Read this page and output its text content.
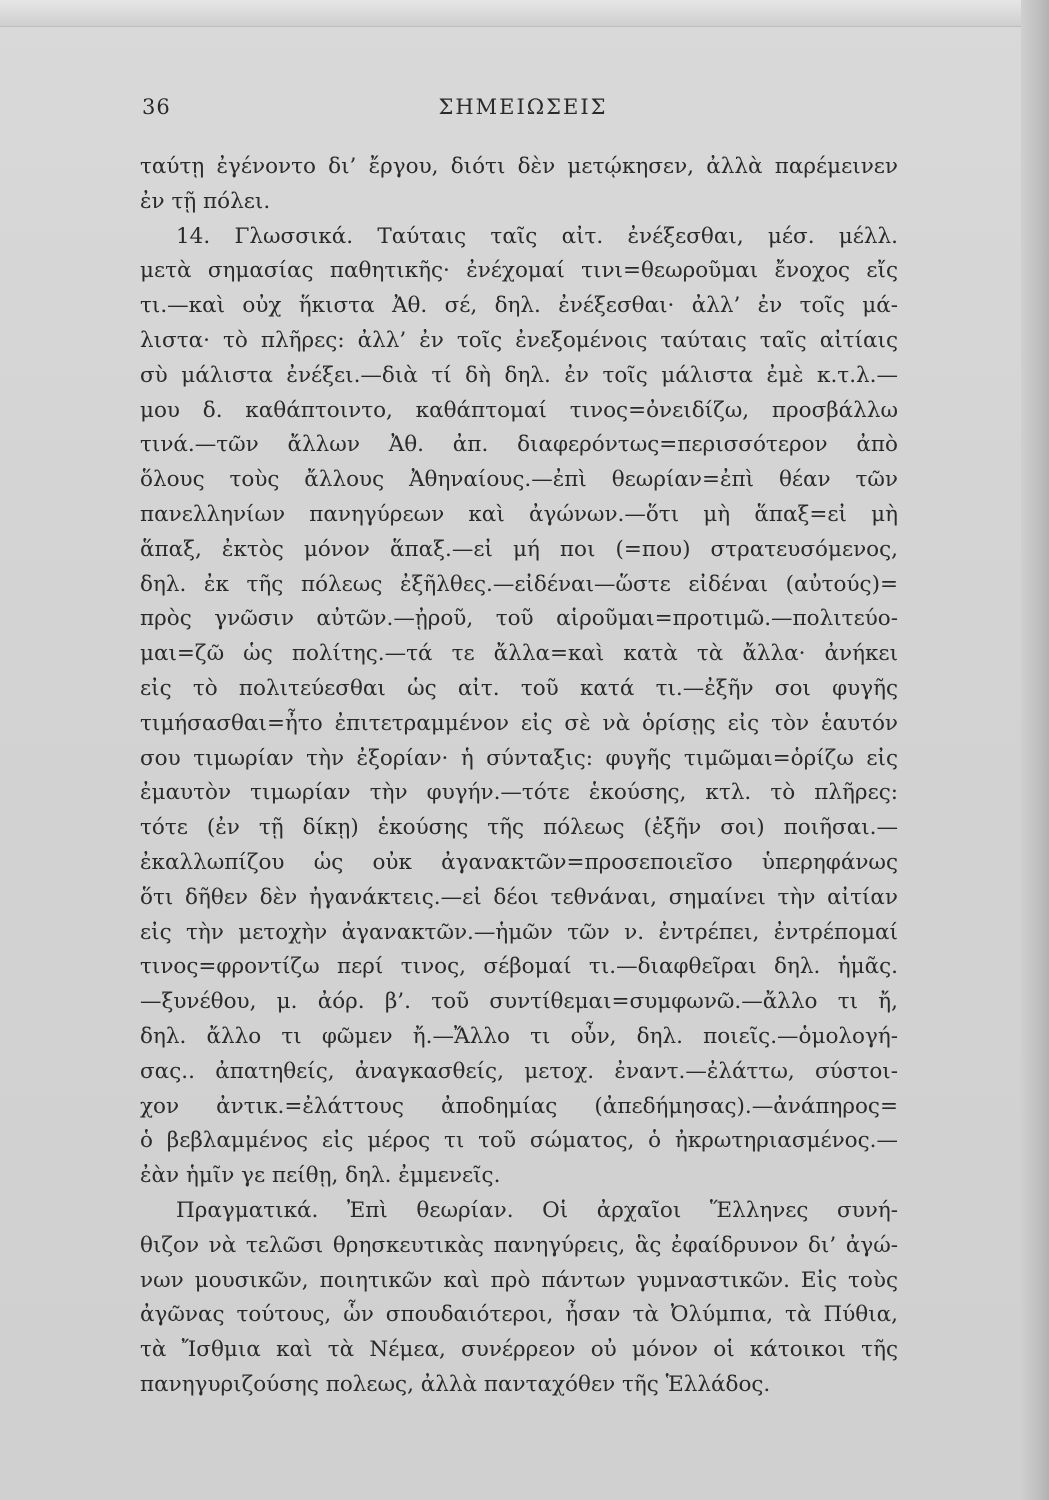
36	ΣΗΜΕΙΩΣΕΙΣ
ταύτῃ ἐγένοντο δι’ ἔργου, διότι δὲν μετῴκησεν, ἀλλὰ παρέμεινεν
ἐν τῇ πόλει.
14. Γλωσσικά. Ταύταις ταῖς αἰτ. ἐνέξεσθαι, μέσ. μέλλ.
μετὰ σημασίας παθητικῆς· ἐνέχομαί τινι=θεωροῦμαι ἔνοχος εἴς
τι.—καὶ οὐχ ἥκιστα Ἀθ. σέ, δηλ. ἐνέξεσθαι· ἀλλ’ ἐν τοῖς μά-
λιστα· τὸ πλῆρες: ἀλλ’ ἐν τοῖς ἐνεξομένοις ταύταις ταῖς αἰτίαις
σὺ μάλιστα ἐνέξει.—διὰ τί δὴ δηλ. ἐν τοῖς μάλιστα ἐμὲ κ.τ.λ.—
μου δ. καθάπτοιντο, καθάπτομαί τινος=ὀνειδίζω, προσβάλλω
τινά.—τῶν ἄλλων Ἀθ. ἀπ. διαφερόντως=περισσότερον ἀπὸ
ὅλους τοὺς ἄλλους Ἀθηναίους.—ἐπὶ θεωρίαν=ἐπὶ θέαν τῶν
πανελληνίων πανηγύρεων καὶ ἀγώνων.—ὅτι μὴ ἅπαξ=εἰ μὴ
ἅπαξ, ἐκτὸς μόνον ἅπαξ.—εἰ μή ποι (=που) στρατευσόμενος,
δηλ. ἐκ τῆς πόλεως ἐξῆλθες.—εἰδέναι—ὥστε εἰδέναι (αὐτούς)=
πρὸς γνῶσιν αὐτῶν.—ᾐροῦ, τοῦ αἱροῦμαι=προτιμῶ.—πολιτεύο-
μαι=ζῶ ὡς πολίτης.—τά τε ἄλλα=καὶ κατὰ τὰ ἄλλα· ἀνήκει
εἰς τὸ πολιτεύεσθαι ὡς αἰτ. τοῦ κατά τι.—ἐξῆν σοι φυγῆς
τιμήσασθαι=ἦτο ἐπιτετραμμένον εἰς σὲ νὰ ὁρίσῃς εἰς τὸν ἑαυτόν
σου τιμωρίαν τὴν ἐξορίαν· ἡ σύνταξις: φυγῆς τιμῶμαι=ὁρίζω εἰς
ἐμαυτὸν τιμωρίαν τὴν φυγήν.—τότε ἑκούσης, κτλ. τὸ πλῆρες:
τότε (ἐν τῇ δίκῃ) ἑκούσης τῆς πόλεως (ἐξῆν σοι) ποιῆσαι.—
ἐκαλλωπίζου ὡς οὐκ ἀγανακτῶν=προσεποιεῖσο ὑπερηφάνως
ὅτι δῆθεν δὲν ἠγανάκτεις.—εἰ δέοι τεθνάναι, σημαίνει τὴν αἰτίαν
εἰς τὴν μετοχὴν ἀγανακτῶν.—ἡμῶν τῶν ν. ἐντρέπει, ἐντρέπομαί
τινος=φροντίζω περί τινος, σέβομαί τι.—διαφθεῖραι δηλ. ἡμᾶς.
—ξυνέθου, μ. ἀόρ. β’. τοῦ συντίθεμαι=συμφωνῶ.—ἄλλο τι ἤ,
δηλ. ἄλλο τι φῶμεν ἤ.—Ἄλλο τι οὖν, δηλ. ποιεῖς.—ὁμολογή-
σας.. ἀπατηθείς, ἀναγκασθείς, μετοχ. ἐναντ.—ἐλάττω, σύστοι-
χον ἀντικ.=ἐλάττους ἀποδημίας (ἀπεδήμησας).—ἀνάπηρος=
ὁ βεβλαμμένος εἰς μέρος τι τοῦ σώματος, ὁ ἠκρωτηριασμένος.—
ἐὰν ἡμῖν γε πείθῃ, δηλ. ἐμμενεῖς.
Πραγματικά. Ἐπὶ θεωρίαν. Οἱ ἀρχαῖοι Ἕλληνες συνή-
θιζον νὰ τελῶσι θρησκευτικὰς πανηγύρεις, ἃς ἐφαίδρυνον δι’ ἀγώ-
νων μουσικῶν, ποιητικῶν καὶ πρὸ πάντων γυμναστικῶν. Εἰς τοὺς
ἀγῶνας τούτους, ὧν σπουδαιότεροι, ἦσαν τὰ Ὀλύμπια, τὰ Πύθια,
τὰ Ἴσθμια καὶ τὰ Νέμεα, συνέρρεον οὐ μόνον οἱ κάτοικοι τῆς
πανηγυριζούσης πολεως, ἀλλὰ πανταχόθεν τῆς Ἑλλάδος.
